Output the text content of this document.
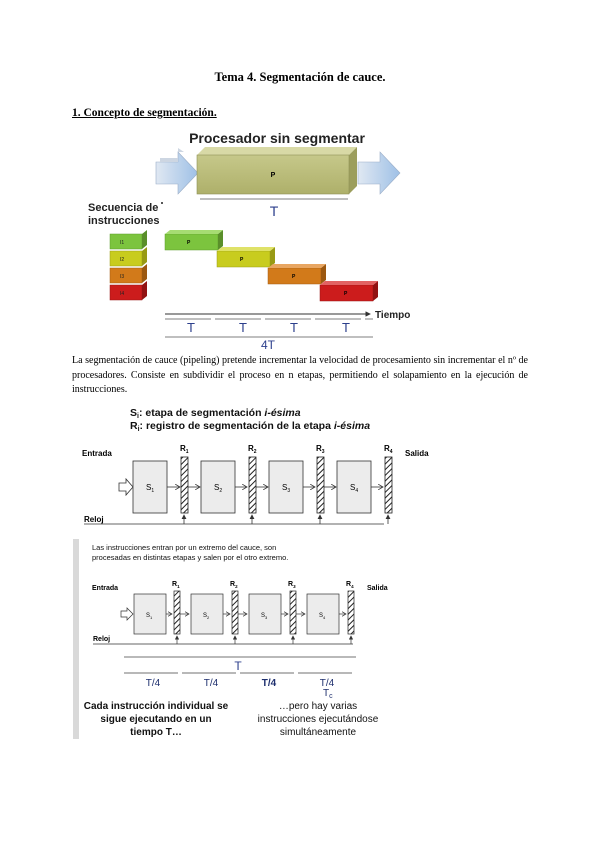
Tema 4. Segmentación de cauce.
1. Concepto de segmentación.
Procesador sin segmentar
P
T
Secuencia de
instrucciones
I1
I2
I3
I4
P
P
P
P
Tiempo
T	T	T	T
4T
Si: etapa de segmentación i-ésima
Ri: registro de segmentación de la etapa i-ésima
Entrada	Salida
Reloj
$S_1$
$R_1$
$S_2$
$R_2$
$S_3$
$R_3$
$S_4$
$R_4$
Las instrucciones entran por un extremo del cauce, son
procesadas en distintas etapas y salen por el otro extremo.
Entrada	Salida
Reloj
$S_1$
$R_1$
$S_2$
$R_2$
$S_3$
$R_3$
$S_4$
$R_4$
T
T/4	T/4	T/4	T/4
$T_c$
Cada instrucción individual se
sigue ejecutando en un
tiempo T…
…pero hay varias
instrucciones ejecutándose
simultáneamente
La segmentación de cauce (pipeling) pretende incrementar la velocidad de procesamiento sin incrementar el nº de procesadores. Consiste en subdividir el proceso en n etapas, permitiendo el solapamiento en la ejecución de instrucciones.
